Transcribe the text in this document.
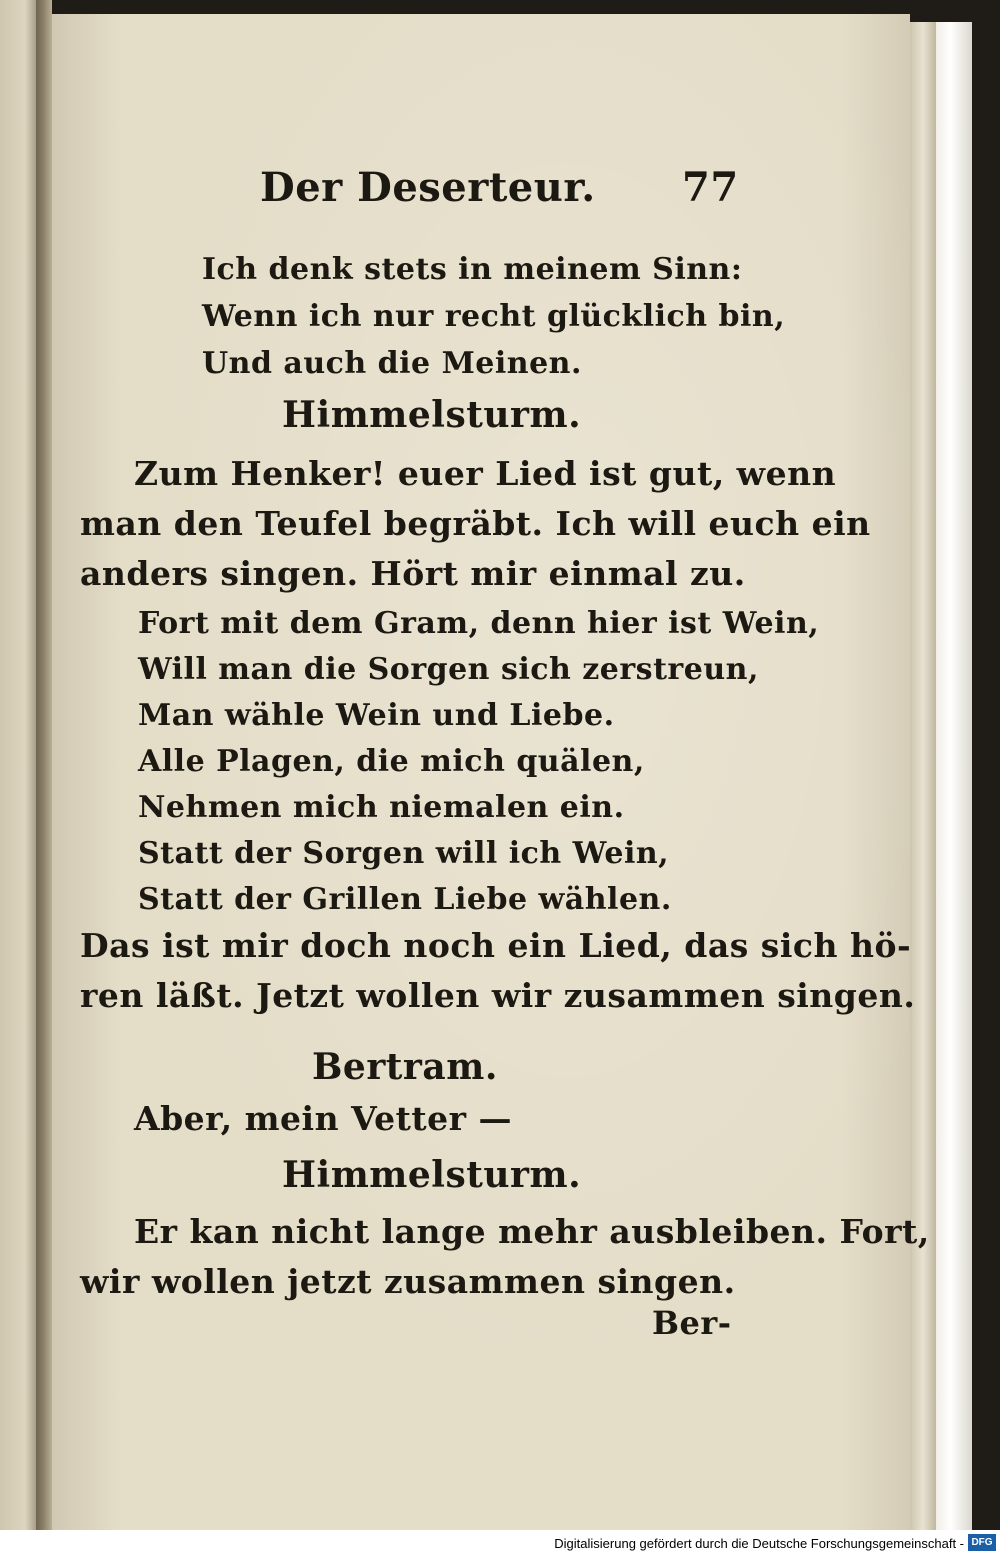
Der Deserteur. 77
Ich denk stets in meinem Sinn:
Wenn ich nur recht glücklich bin,
Und auch die Meinen.
Himmelsturm.
Zum Henker! euer Lied ist gut, wenn
man den Teufel begräbt. Ich will euch ein
anders singen. Hört mir einmal zu.
Fort mit dem Gram, denn hier ist Wein,
Will man die Sorgen sich zerstreun,
Man wähle Wein und Liebe.
Alle Plagen, die mich quälen,
Nehmen mich niemalen ein.
Statt der Sorgen will ich Wein,
Statt der Grillen Liebe wählen.
Das ist mir doch noch ein Lied, das sich hö-
ren läßt. Jetzt wollen wir zusammen singen.
Bertram.
Aber, mein Vetter —
Himmelsturm.
Er kan nicht lange mehr ausbleiben. Fort,
wir wollen jetzt zusammen singen.
Ber-
Digitalisierung gefördert durch die Deutsche Forschungsgemeinschaft - DFG
